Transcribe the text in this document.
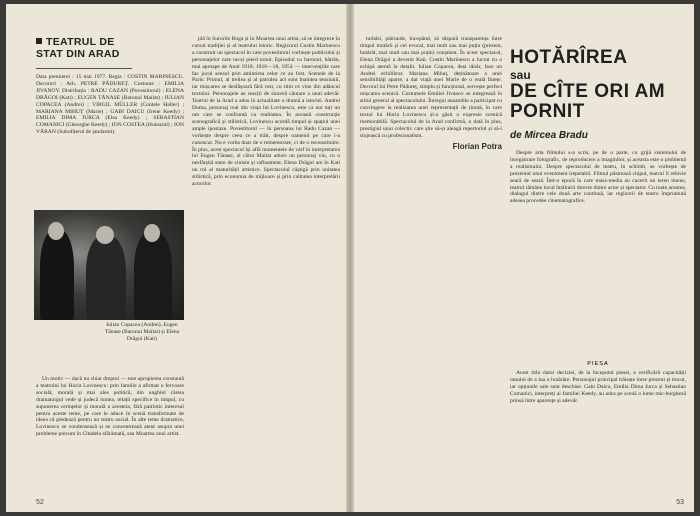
TEATRUL DE STAT DIN ARAD
Data premierei : 15 mai 1977. Regia : COSTIN MARINESCU. Decoruri : Arh. PETRE PĂDUREȚ. Costume : EMILIA JIVANOV. Distribuția : RADU CAZAN (Povestitorul) ; ELENA DRĂGOI (Kati) ; EUGEN TĂNASE (Baronul Mailat) ; IULIAN COPACEA (Andrei) ; VIRGIL MÜLLER (Contele Haller) ; MARIANA MIHUȚ (Marie) ; GABI DAICU (Irene Keedy) ; EMILIA DIMA JURCA (Elsa Keedy) ; SEBASTIAN COMANICI (Gheorghe Keedy) ; ION COSTEA (Hoinarul) ; ION VĂRAN (Subofițerul de jandarmi).
Iulian Copacea (Andrei), Eugen Tănase (Baronul Mailat) și Elena Drăgoi (Kati)

Un motiv — dacă nu chiar dreptul — este apropierea constantă a teatrului lui Horia Lovinescu: prin familie a afirmat o fervoare socială, morală și mai ales politică, din unghiul căreia dramaturgul vede și judecă lumea, relații specifice în timpul, cu supunerea cerințelor și morală a acesteia, fără patriotic interesul pentru aceste teme, pe care le aduce în scenă transformate de ideea că pledează pentru un teatru social. În alte teme dramatice, Lovinescu se condensează și se concentrează atent asupra unei probleme precum în Citadela sfărâmată, sau Moartea unui artist.

plă în Surorile Boga și în Moartea unui artist, să se integreze în cursul tradiției și al teatrului istoric. Regizorul Costin Marinescu a construit un spectacol în care povestitorul vorbește publicului și personajelor care nu-și pierd tonul. Episodul cu baronul, bătrân, mai aproape de Anul 1918, 1916—18, 1954 — intervențiile care fac jocul sensul prin amintirea celor ce au fost. Scenele de la Paris: Primul, al treilea și al patrulea act sunt înaintea tensiunii, iar mișcarea se desfășoară fără rost, cu ritm ce vine din adâncul textului. Personajele au reacții de sinceră căutare a unui adevăr. Teatrul de la Arad a adus în actualitate o dramă a istoriei. Andrei Duma, personaj real din viața lui Lovinescu, este ca noi toți un om care se confruntă cu realitatea. În această construcție scenografică și stilistică, Lovinescu acordă timpul și spațiul unei ample ipostaze. Povestitorul — în persoana lui Radu Cazan — vorbește despre ceea ce a trăit, despre oamenii pe care i-a cunoscut. Nu e vorba doar de o rememorare, ci de o reconstituire. În plus, acest spectacol își află momentele de vârf în interpretarea lui Eugen Tănase, al cărui Mailat aduce un personaj viu, cu o nesfârșită stare de cinism și rafinament. Elena Drăgoi are în Kati un rol al maturității artistice. Spectacolul câștigă prin unitatea stilistică, prin economia de mijloace și prin calitatea interpretării actorilor.

52

turbări, pătrunde, începând, să dispară transparența între timpul mutării și cel evocat, mai mult sau mai puțin (prezent, hotărât, mai mult sau mai puțin) conștient. În acest spectacol, Elena Drăgoi a devenit Kati. Costin Marinescu a lucrat cu o echipă atentă la detalii. Iulian Copacea, deși tânăr, face un Andrei echilibrat. Mariana Mihuț, deținătoare a unei sensibilități aparte, a dat viață unei Marie de o reală finețe. Decorul lui Petre Pădureț, simplu și funcțional, servește perfect mișcarea scenică. Costumele Emiliei Jivanov se integrează în stilul general al spectacolului. Întregul ansamblu a participat cu convingere la realizarea unei reprezentații de ținută, în care textul lui Horia Lovinescu și-a găsit o expresie scenică memorabilă. Spectacolul de la Arad confirmă, o dată în plus, prestigiul unui colectiv care știe să-și aleagă repertoriul și să-l slujească cu profesionalism.

Florian Potra
HOTĂRÎREA
sau
DE CÎTE ORI AM PORNIT
de Mircea Bradu

Despre arta filmului s-a scris, pe de o parte, cu grijă sistemului de înregistrare fotografic, de reproducere a imaginilor, și aceasta este o problemă a realismului. Despre spectacolul de teatru, în schimb, se vorbește de prezentul unui eveniment irepetabil. Filmul păstrează chipul, teatrul îl reînvie seară de seară. Într-o epocă în care mass-media au cucerit un teren imens, teatrul rămâne locul întâlnirii directe dintre actor și spectator. Cu toate acestea, dialogul dintre cele două arte continuă, iar regizorii de teatru împrumută adesea procedee cinematografice.

PIESA

Acest titlu dator deciziei, de la începutul piesei, a verificării capacității omului de a lua o hotărâre. Personajul principal trăiește între prezent și trecut, iar opțiunile sale sunt deschise. Gabi Daicu, Emilia Dima Jurca și Sebastian Comanici, interpreți ai familiei Keedy, au adus pe scenă o lume mic-burgheză prinsă între aparențe și adevăr.

53
